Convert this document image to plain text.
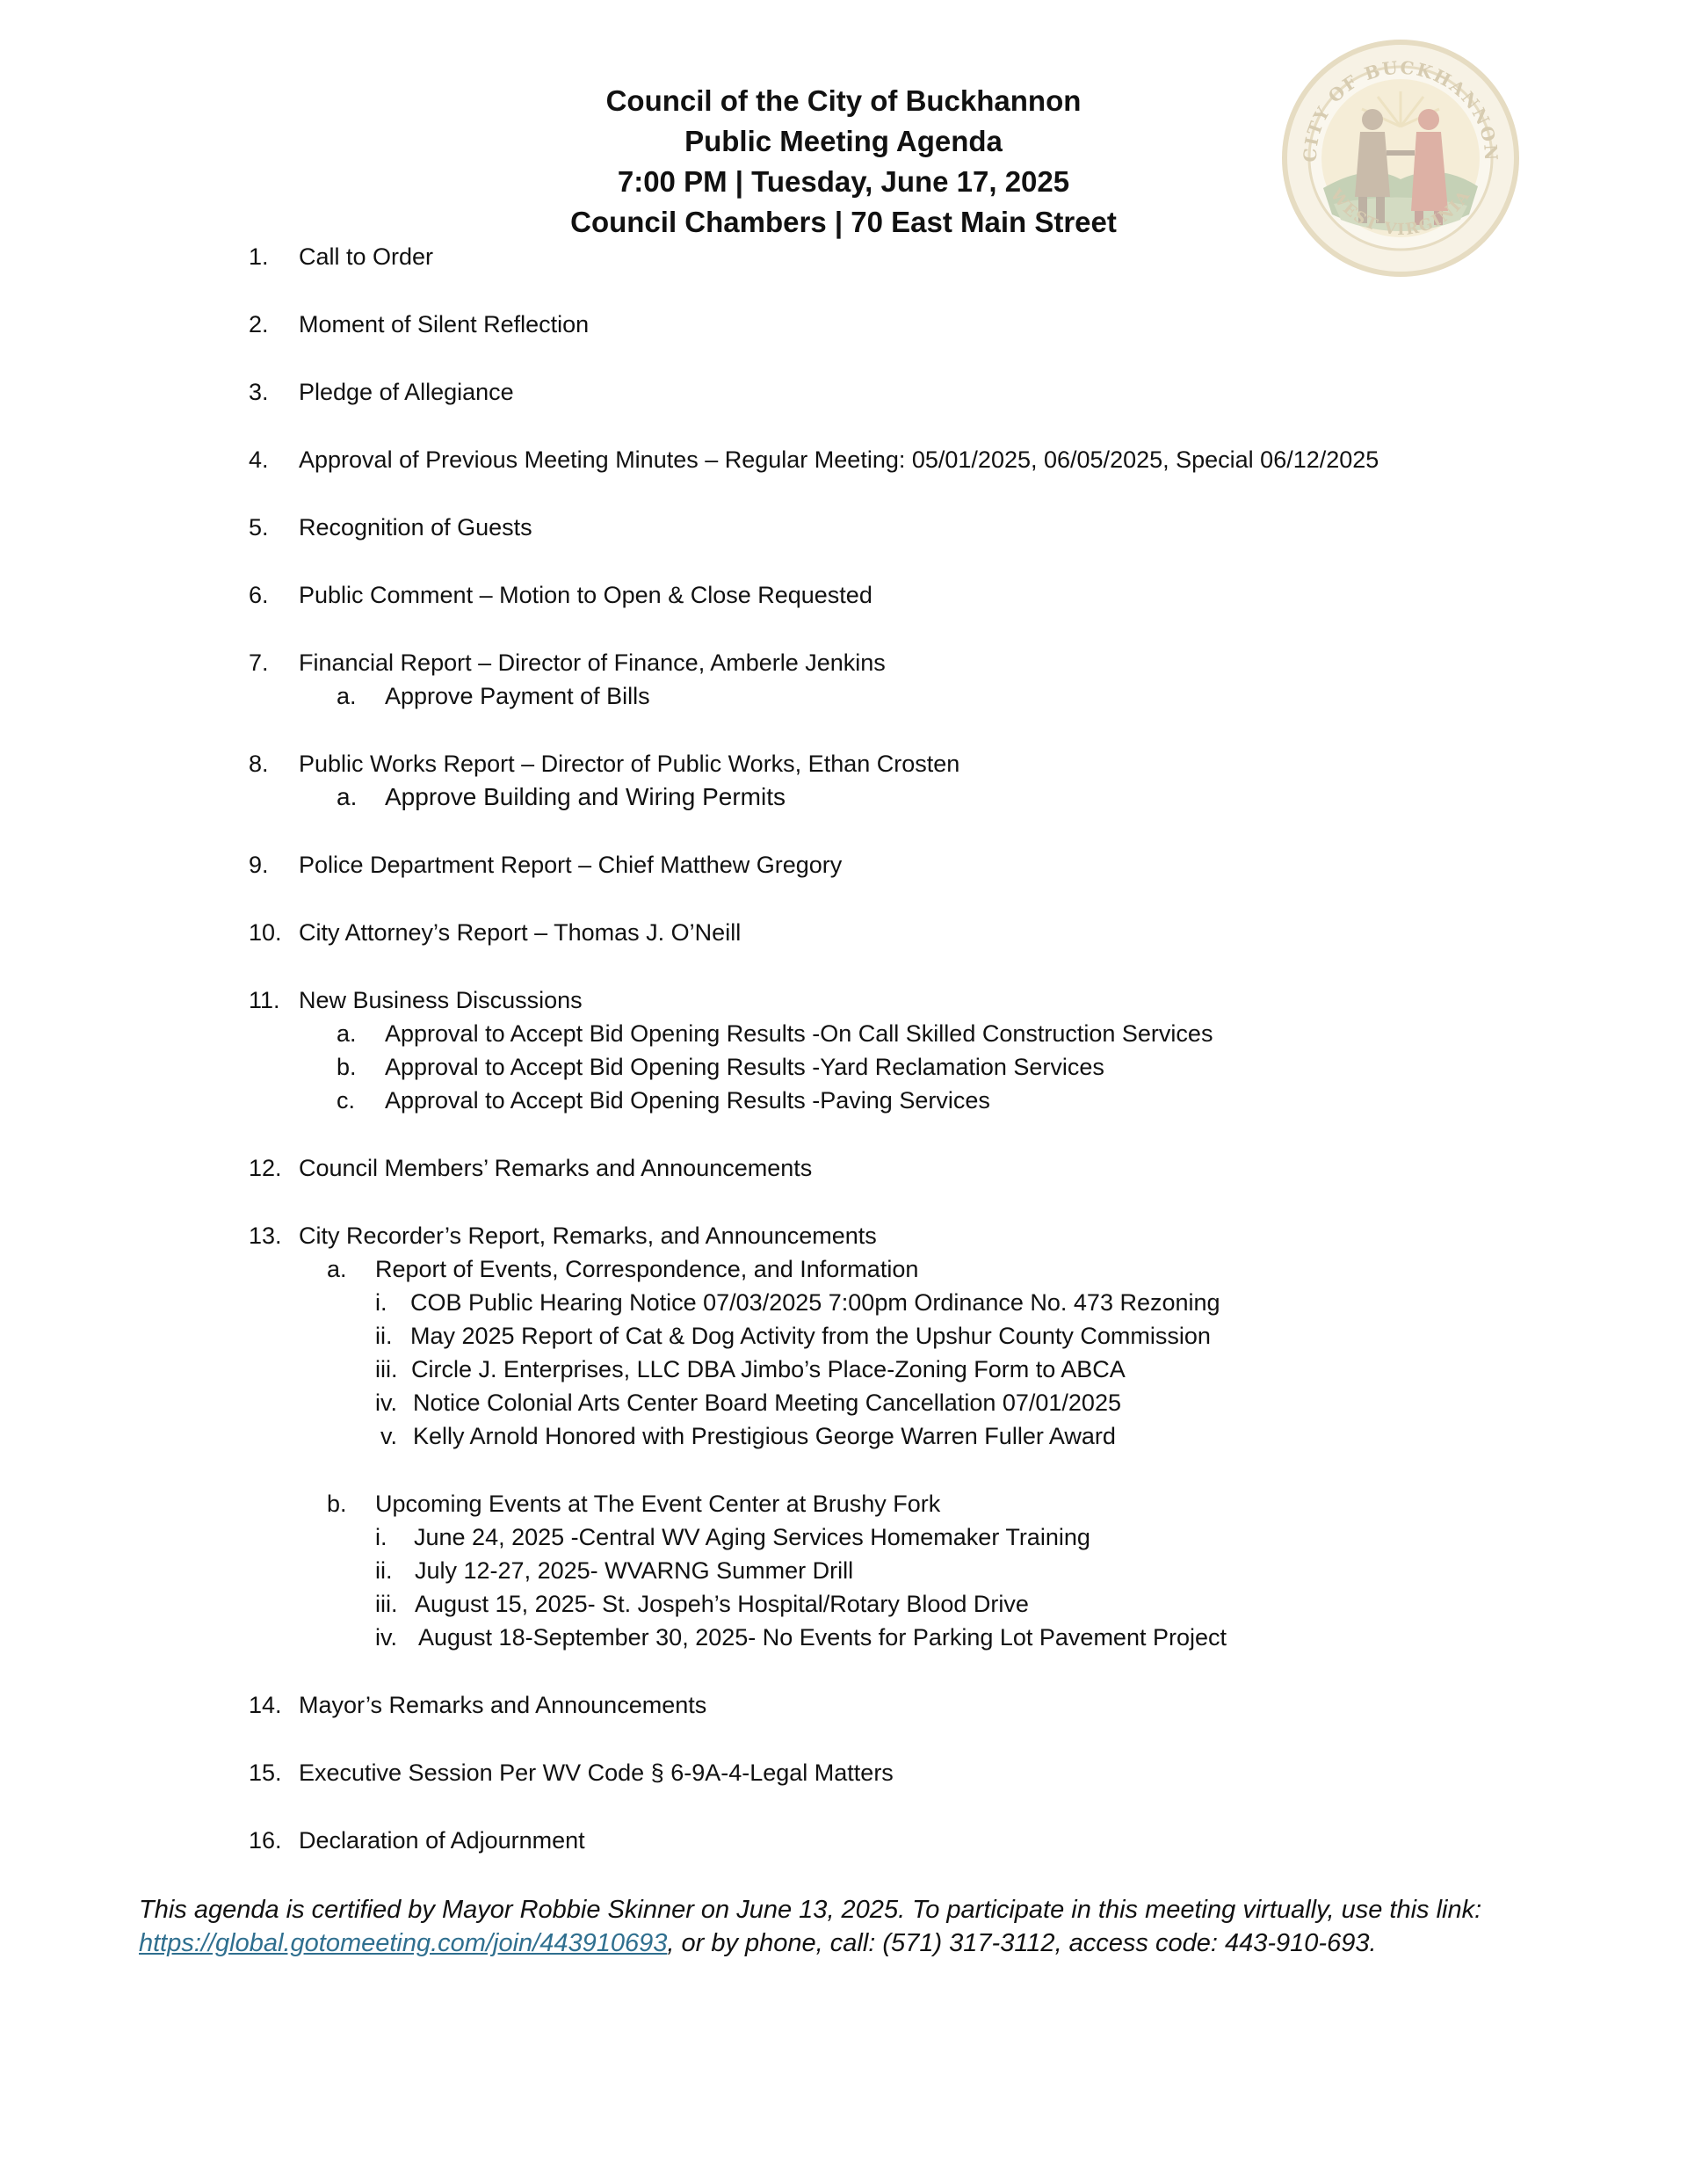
Council of the City of Buckhannon
Public Meeting Agenda
7:00 PM | Tuesday, June 17, 2025
Council Chambers | 70 East Main Street
CITY OF BUCKHANNON
WEST VIRGINIA
1. Call to Order
2. Moment of Silent Reflection
3. Pledge of Allegiance
4. Approval of Previous Meeting Minutes – Regular Meeting: 05/01/2025, 06/05/2025, Special 06/12/2025
5. Recognition of Guests
6. Public Comment – Motion to Open & Close Requested
7. Financial Report – Director of Finance, Amberle Jenkins
a. Approve Payment of Bills
8. Public Works Report – Director of Public Works, Ethan Crosten
a. Approve Building and Wiring Permits
9. Police Department Report – Chief Matthew Gregory
10. City Attorney’s Report – Thomas J. O’Neill
11. New Business Discussions
a. Approval to Accept Bid Opening Results -On Call Skilled Construction Services
b. Approval to Accept Bid Opening Results -Yard Reclamation Services
c. Approval to Accept Bid Opening Results -Paving Services
12. Council Members’ Remarks and Announcements
13. City Recorder’s Report, Remarks, and Announcements
a. Report of Events, Correspondence, and Information
i. COB Public Hearing Notice 07/03/2025 7:00pm Ordinance No. 473 Rezoning
ii. May 2025 Report of Cat & Dog Activity from the Upshur County Commission
iii. Circle J. Enterprises, LLC DBA Jimbo’s Place-Zoning Form to ABCA
iv. Notice Colonial Arts Center Board Meeting Cancellation 07/01/2025
v. Kelly Arnold Honored with Prestigious George Warren Fuller Award
b. Upcoming Events at The Event Center at Brushy Fork
i. June 24, 2025 -Central WV Aging Services Homemaker Training
ii. July 12-27, 2025- WVARNG Summer Drill
iii. August 15, 2025- St. Jospeh’s Hospital/Rotary Blood Drive
iv. August 18-September 30, 2025- No Events for Parking Lot Pavement Project
14. Mayor’s Remarks and Announcements
15. Executive Session Per WV Code § 6-9A-4-Legal Matters
16. Declaration of Adjournment
This agenda is certified by Mayor Robbie Skinner on June 13, 2025. To participate in this meeting virtually, use this link:
https://global.gotomeeting.com/join/443910693, or by phone, call: (571) 317-3112, access code: 443-910-693.
